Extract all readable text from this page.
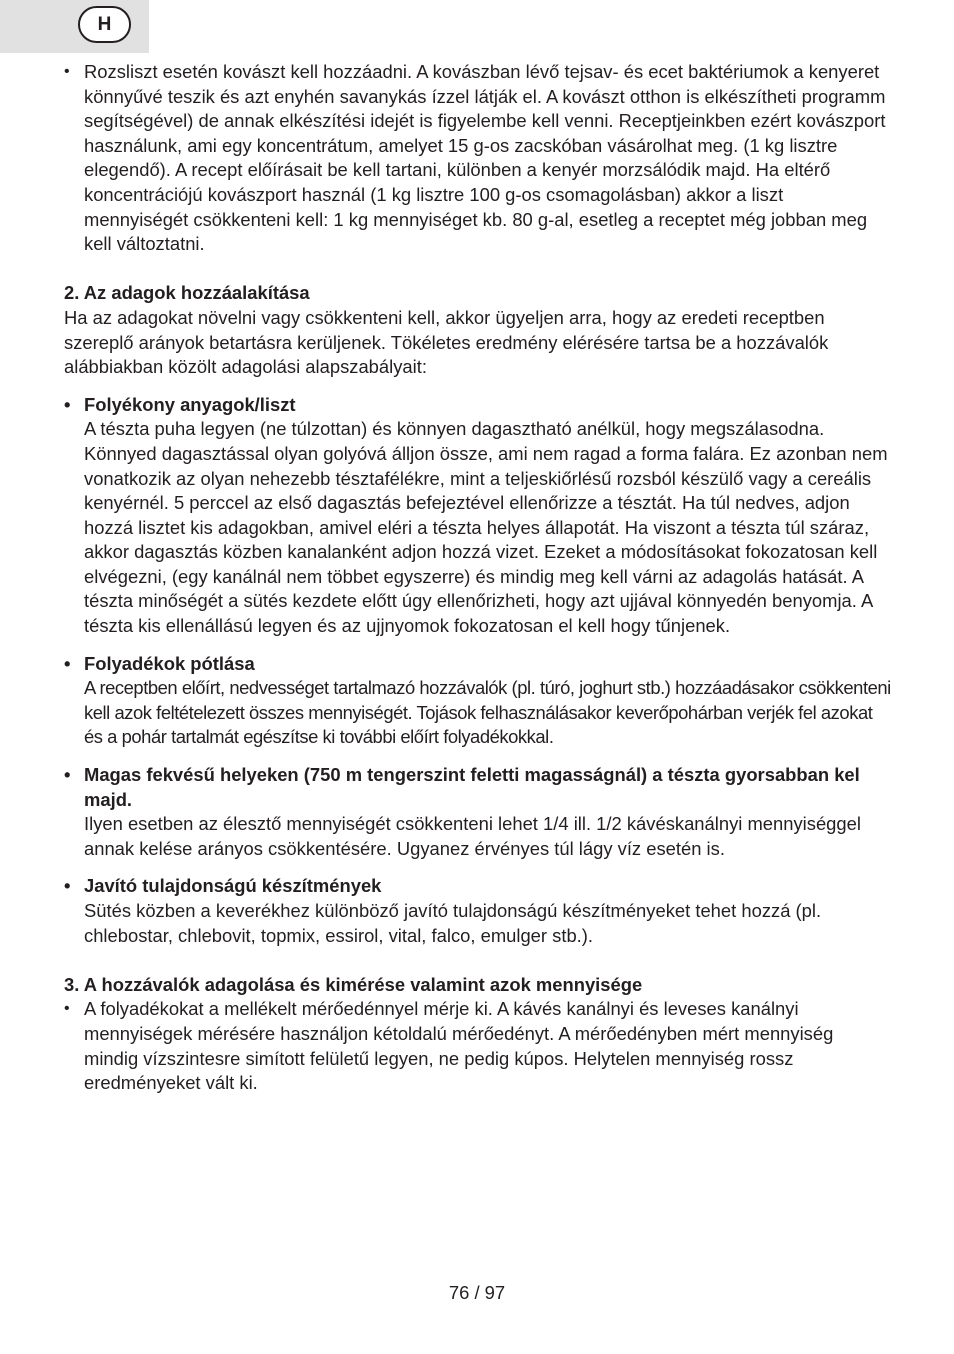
H
• Rozsliszt esetén kovászt kell hozzáadni. A kovászban lévő tejsav- és ecet baktériumok a kenyeret könnyűvé teszik és azt enyhén savanykás ízzel látják el. A kovászt otthon is elkészítheti programm segítségével) de annak elkészítési idejét is figyelembe kell venni. Receptjeinkben ezért kovászport használunk, ami egy koncentrátum, amelyet 15 g-os zacskóban vásárolhat meg. (1 kg lisztre elegendő). A recept előírásait be kell tartani, különben a kenyér morzsálódik majd. Ha eltérő koncentrációjú kovászport használ (1 kg lisztre 100 g-os csomagolásban) akkor a liszt mennyiségét csökkenteni kell: 1 kg mennyiséget kb. 80 g-al, esetleg a receptet még jobban meg kell változtatni.

2. Az adagok hozzáalakítása

Ha az adagokat növelni vagy csökkenteni kell, akkor ügyeljen arra, hogy az eredeti receptben szereplő arányok betartásra kerüljenek. Tökéletes eredmény elérésére tartsa be a hozzávalók alábbiakban közölt adagolási alapszabályait:

• Folyékony anyagok/liszt

A tészta puha legyen (ne túlzottan) és könnyen dagasztható anélkül, hogy megszálasodna. Könnyed dagasztással olyan golyóvá álljon össze, ami nem ragad a forma falára. Ez azonban nem vonatkozik az olyan nehezebb tésztafélékre, mint a teljeskiőrlésű rozsból készülő vagy a cereális kenyérnél. 5 perccel az első dagasztás befejeztével ellenőrizze a tésztát. Ha túl nedves, adjon hozzá lisztet kis adagokban, amivel eléri a tészta helyes állapotát. Ha viszont a tészta túl száraz, akkor dagasztás közben kanalanként adjon hozzá vizet. Ezeket a módosításokat fokozatosan kell elvégezni, (egy kanálnál nem többet egyszerre) és mindig meg kell várni az adagolás hatását. A tészta minőségét a sütés kezdete előtt úgy ellenőrizheti, hogy azt ujjával könnyedén benyomja. A tészta kis ellenállású legyen és az ujjnyomok fokozatosan el kell hogy tűnjenek.

• Folyadékok pótlása

A receptben előírt, nedvességet tartalmazó hozzávalók (pl. túró, joghurt stb.) hozzáadásakor csökkenteni kell azok feltételezett összes mennyiségét. Tojások felhasználásakor keverőpohárban verjék fel azokat és a pohár tartalmát egészítse ki további előírt folyadékokkal.

• Magas fekvésű helyeken (750 m tengerszint feletti magasságnál) a tészta gyorsabban kel majd.

Ilyen esetben az élesztő mennyiségét csökkenteni lehet 1/4 ill. 1/2 kávéskanálnyi mennyiséggel annak kelése arányos csökkentésére. Ugyanez érvényes túl lágy víz esetén is.

• Javító tulajdonságú készítmények

Sütés közben a keverékhez különböző javító tulajdonságú készítményeket tehet hozzá (pl. chlebostar, chlebovit, topmix, essirol, vital, falco, emulger stb.).

3. A hozzávalók adagolása és kimérése valamint azok mennyisége

• A folyadékokat a mellékelt mérőedénnyel mérje ki. A kávés kanálnyi és leveses kanálnyi mennyiségek mérésére használjon kétoldalú mérőedényt. A mérőedényben mért mennyiség mindig vízszintesre simított felületű legyen, ne pedig kúpos. Helytelen mennyiség rossz eredményeket vált ki.

76 / 97
